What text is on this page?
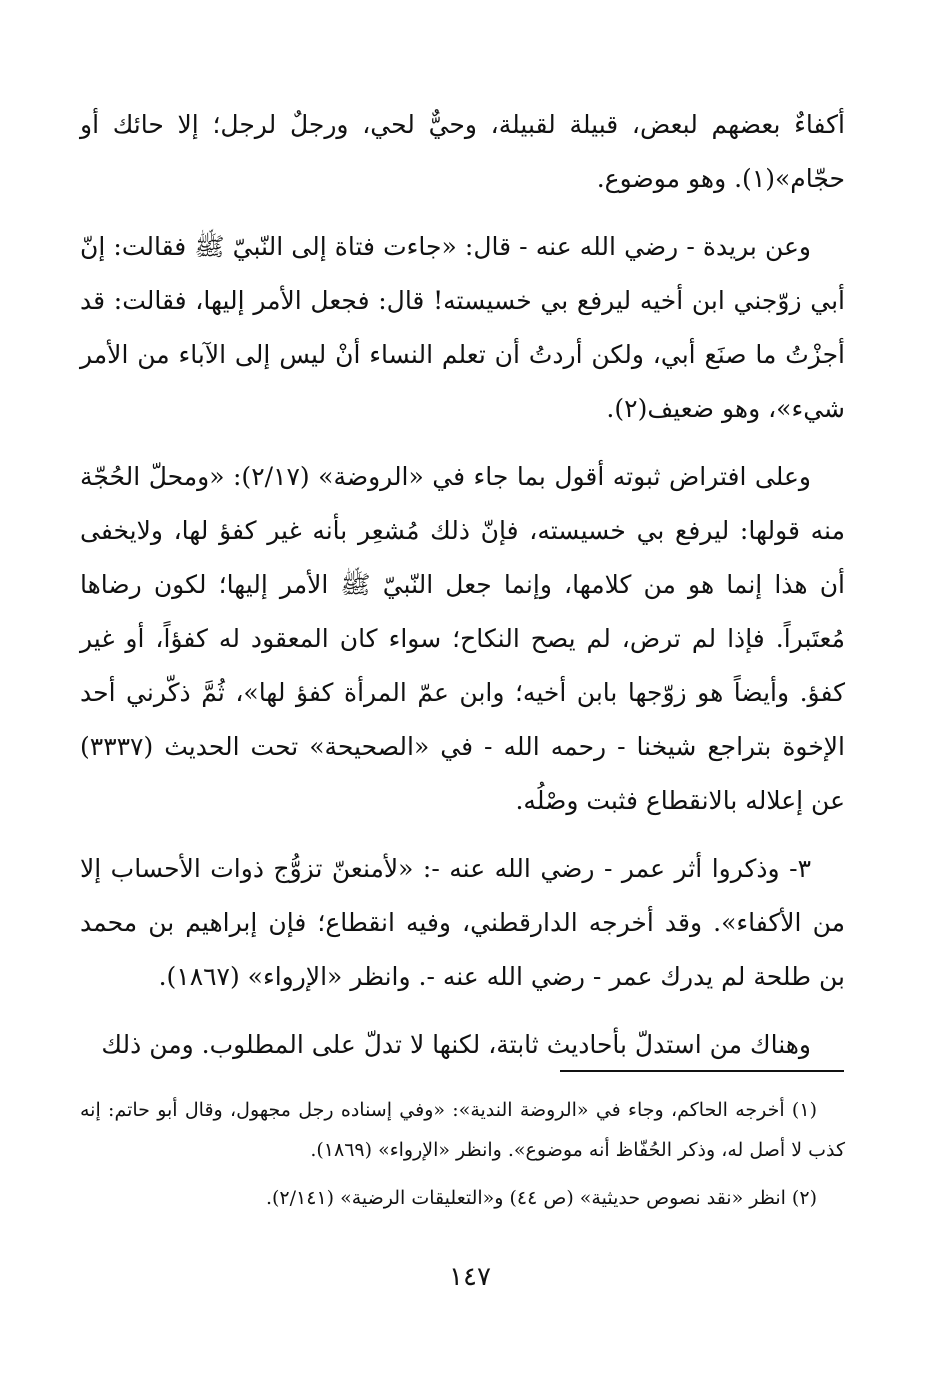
أكفاءٌ بعضهم لبعض، قبيلة لقبيلة، وحيٌّ لحي، ورجلٌ لرجل؛ إلا حائك أو حجّام»(١). وهو موضوع.

وعن بريدة - رضي الله عنه - قال: «جاءت فتاة إلى النّبيّ ﷺ فقالت: إنّ أبي زوّجني ابن أخيه ليرفع بي خسيسته! قال: فجعل الأمر إليها، فقالت: قد أجزْتُ ما صنَع أبي، ولكن أردتُ أن تعلم النساء أنْ ليس إلى الآباء من الأمر شيء»، وهو ضعيف(٢).

وعلى افتراض ثبوته أقول بما جاء في «الروضة» (٢/١٧): «ومحلّ الحُجّة منه قولها: ليرفع بي خسيسته، فإنّ ذلك مُشعِر بأنه غير كفؤ لها، ولايخفى أن هذا إنما هو من كلامها، وإنما جعل النّبيّ ﷺ الأمر إليها؛ لكون رضاها مُعتَبراً. فإذا لم ترض، لم يصح النكاح؛ سواء كان المعقود له كفؤاً، أو غير كفؤ. وأيضاً هو زوّجها بابن أخيه؛ وابن عمّ المرأة كفؤ لها»، ثُمَّ ذكّرني أحد الإخوة بتراجع شيخنا - رحمه الله - في «الصحيحة» تحت الحديث (٣٣٣٧) عن إعلاله بالانقطاع فثبت وصْلُه.

٣- وذكروا أثر عمر - رضي الله عنه -: «لأمنعنّ تزوُّج ذوات الأحساب إلا من الأكفاء». وقد أخرجه الدارقطني، وفيه انقطاع؛ فإن إبراهيم بن محمد بن طلحة لم يدرك عمر - رضي الله عنه -. وانظر «الإرواء» (١٨٦٧).

وهناك من استدلّ بأحاديث ثابتة، لكنها لا تدلّ على المطلوب. ومن ذلك

(١) أخرجه الحاكم، وجاء في «الروضة الندية»: «وفي إسناده رجل مجهول، وقال أبو حاتم: إنه كذب لا أصل له، وذكر الحُفّاظ أنه موضوع». وانظر «الإرواء» (١٨٦٩).

(٢) انظر «نقد نصوص حديثية» (ص ٤٤) و«التعليقات الرضية» (٢/١٤١).

١٤٧
